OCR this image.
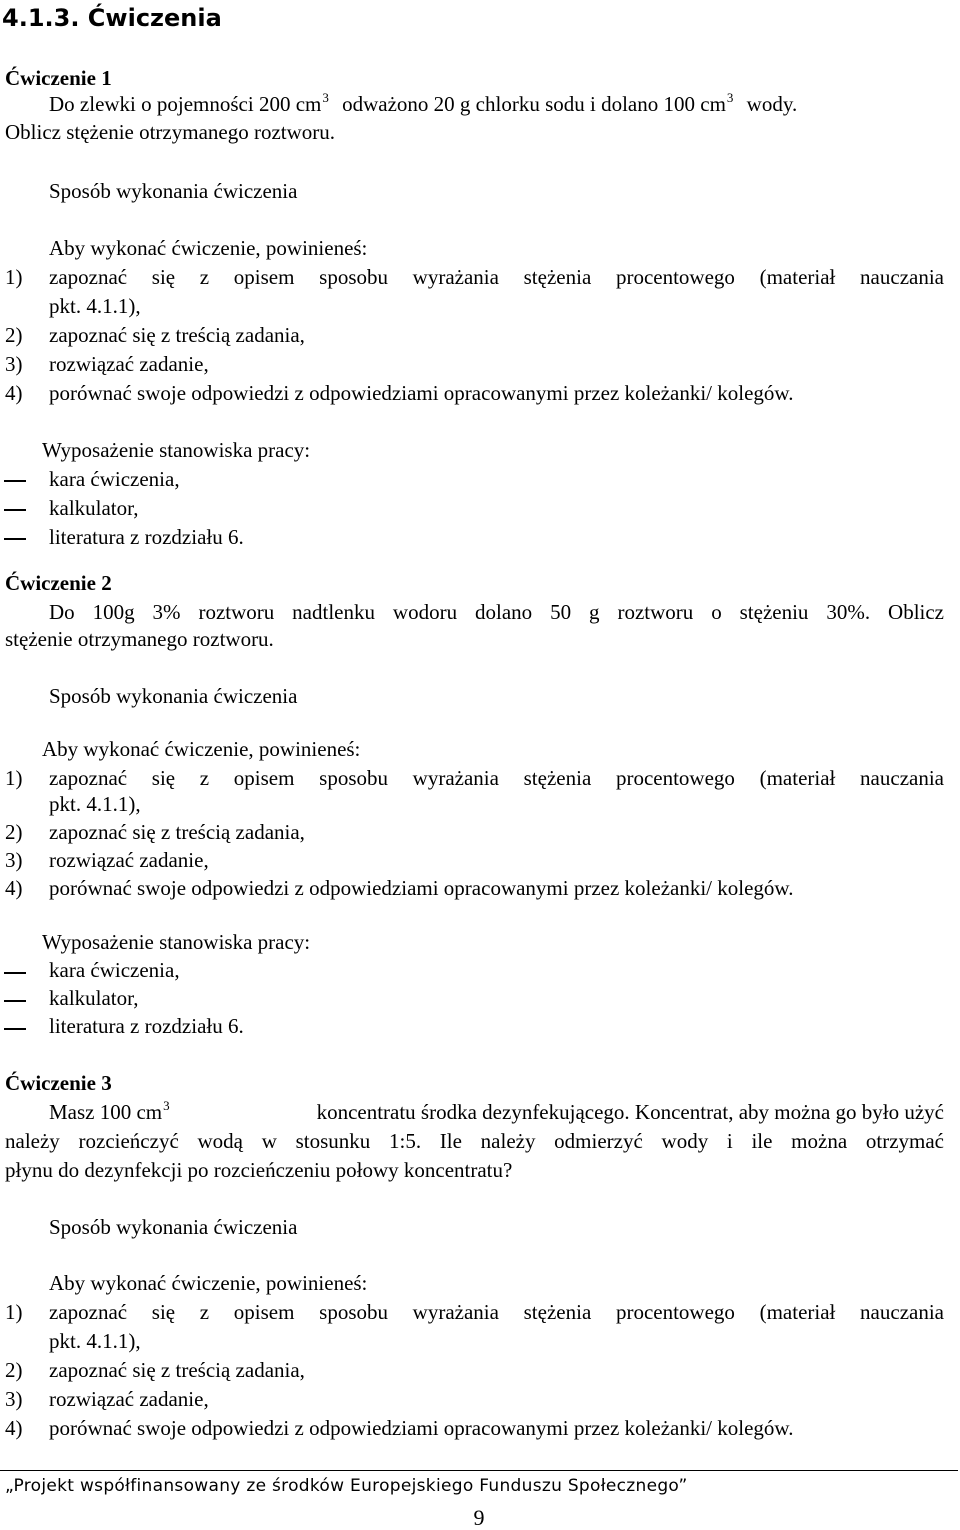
4.1.3. Ćwiczenia
Ćwiczenie 1
Do zlewki o pojemności 200 $cm^3$ odważono 20 g chlorku sodu i dolano 100 $cm^3$ wody.
Oblicz stężenie otrzymanego roztworu.
Sposób wykonania ćwiczenia
Aby wykonać ćwiczenie, powinieneś:
1) zapoznać się z opisem sposobu wyrażania stężenia procentowego (materiał nauczania
pkt. 4.1.1),
2) zapoznać się z treścią zadania,
3) rozwiązać zadanie,
4) porównać swoje odpowiedzi z odpowiedziami opracowanymi przez koleżanki/ kolegów.
Wyposażenie stanowiska pracy:
kara ćwiczenia,
kalkulator,
literatura z rozdziału 6.
Ćwiczenie 2
Do 100g 3% roztworu nadtlenku wodoru dolano 50 g roztworu o stężeniu 30%. Oblicz
stężenie otrzymanego roztworu.
Sposób wykonania ćwiczenia
Aby wykonać ćwiczenie, powinieneś:
1) zapoznać się z opisem sposobu wyrażania stężenia procentowego (materiał nauczania
pkt. 4.1.1),
2) zapoznać się z treścią zadania,
3) rozwiązać zadanie,
4) porównać swoje odpowiedzi z odpowiedziami opracowanymi przez koleżanki/ kolegów.
Wyposażenie stanowiska pracy:
kara ćwiczenia,
kalkulator,
literatura z rozdziału 6.
Ćwiczenie 3
Masz 100 $cm^3$	koncentratu środka dezynfekującego. Koncentrat, aby można go było użyć
należy rozcieńczyć wodą w stosunku 1:5. Ile należy odmierzyć wody i ile można otrzymać
płynu do dezynfekcji po rozcieńczeniu połowy koncentratu?
Sposób wykonania ćwiczenia
Aby wykonać ćwiczenie, powinieneś:
1) zapoznać się z opisem sposobu wyrażania stężenia procentowego (materiał nauczania
pkt. 4.1.1),
2) zapoznać się z treścią zadania,
3) rozwiązać zadanie,
4) porównać swoje odpowiedzi z odpowiedziami opracowanymi przez koleżanki/ kolegów.
„Projekt współfinansowany ze środków Europejskiego Funduszu Społecznego”
9
